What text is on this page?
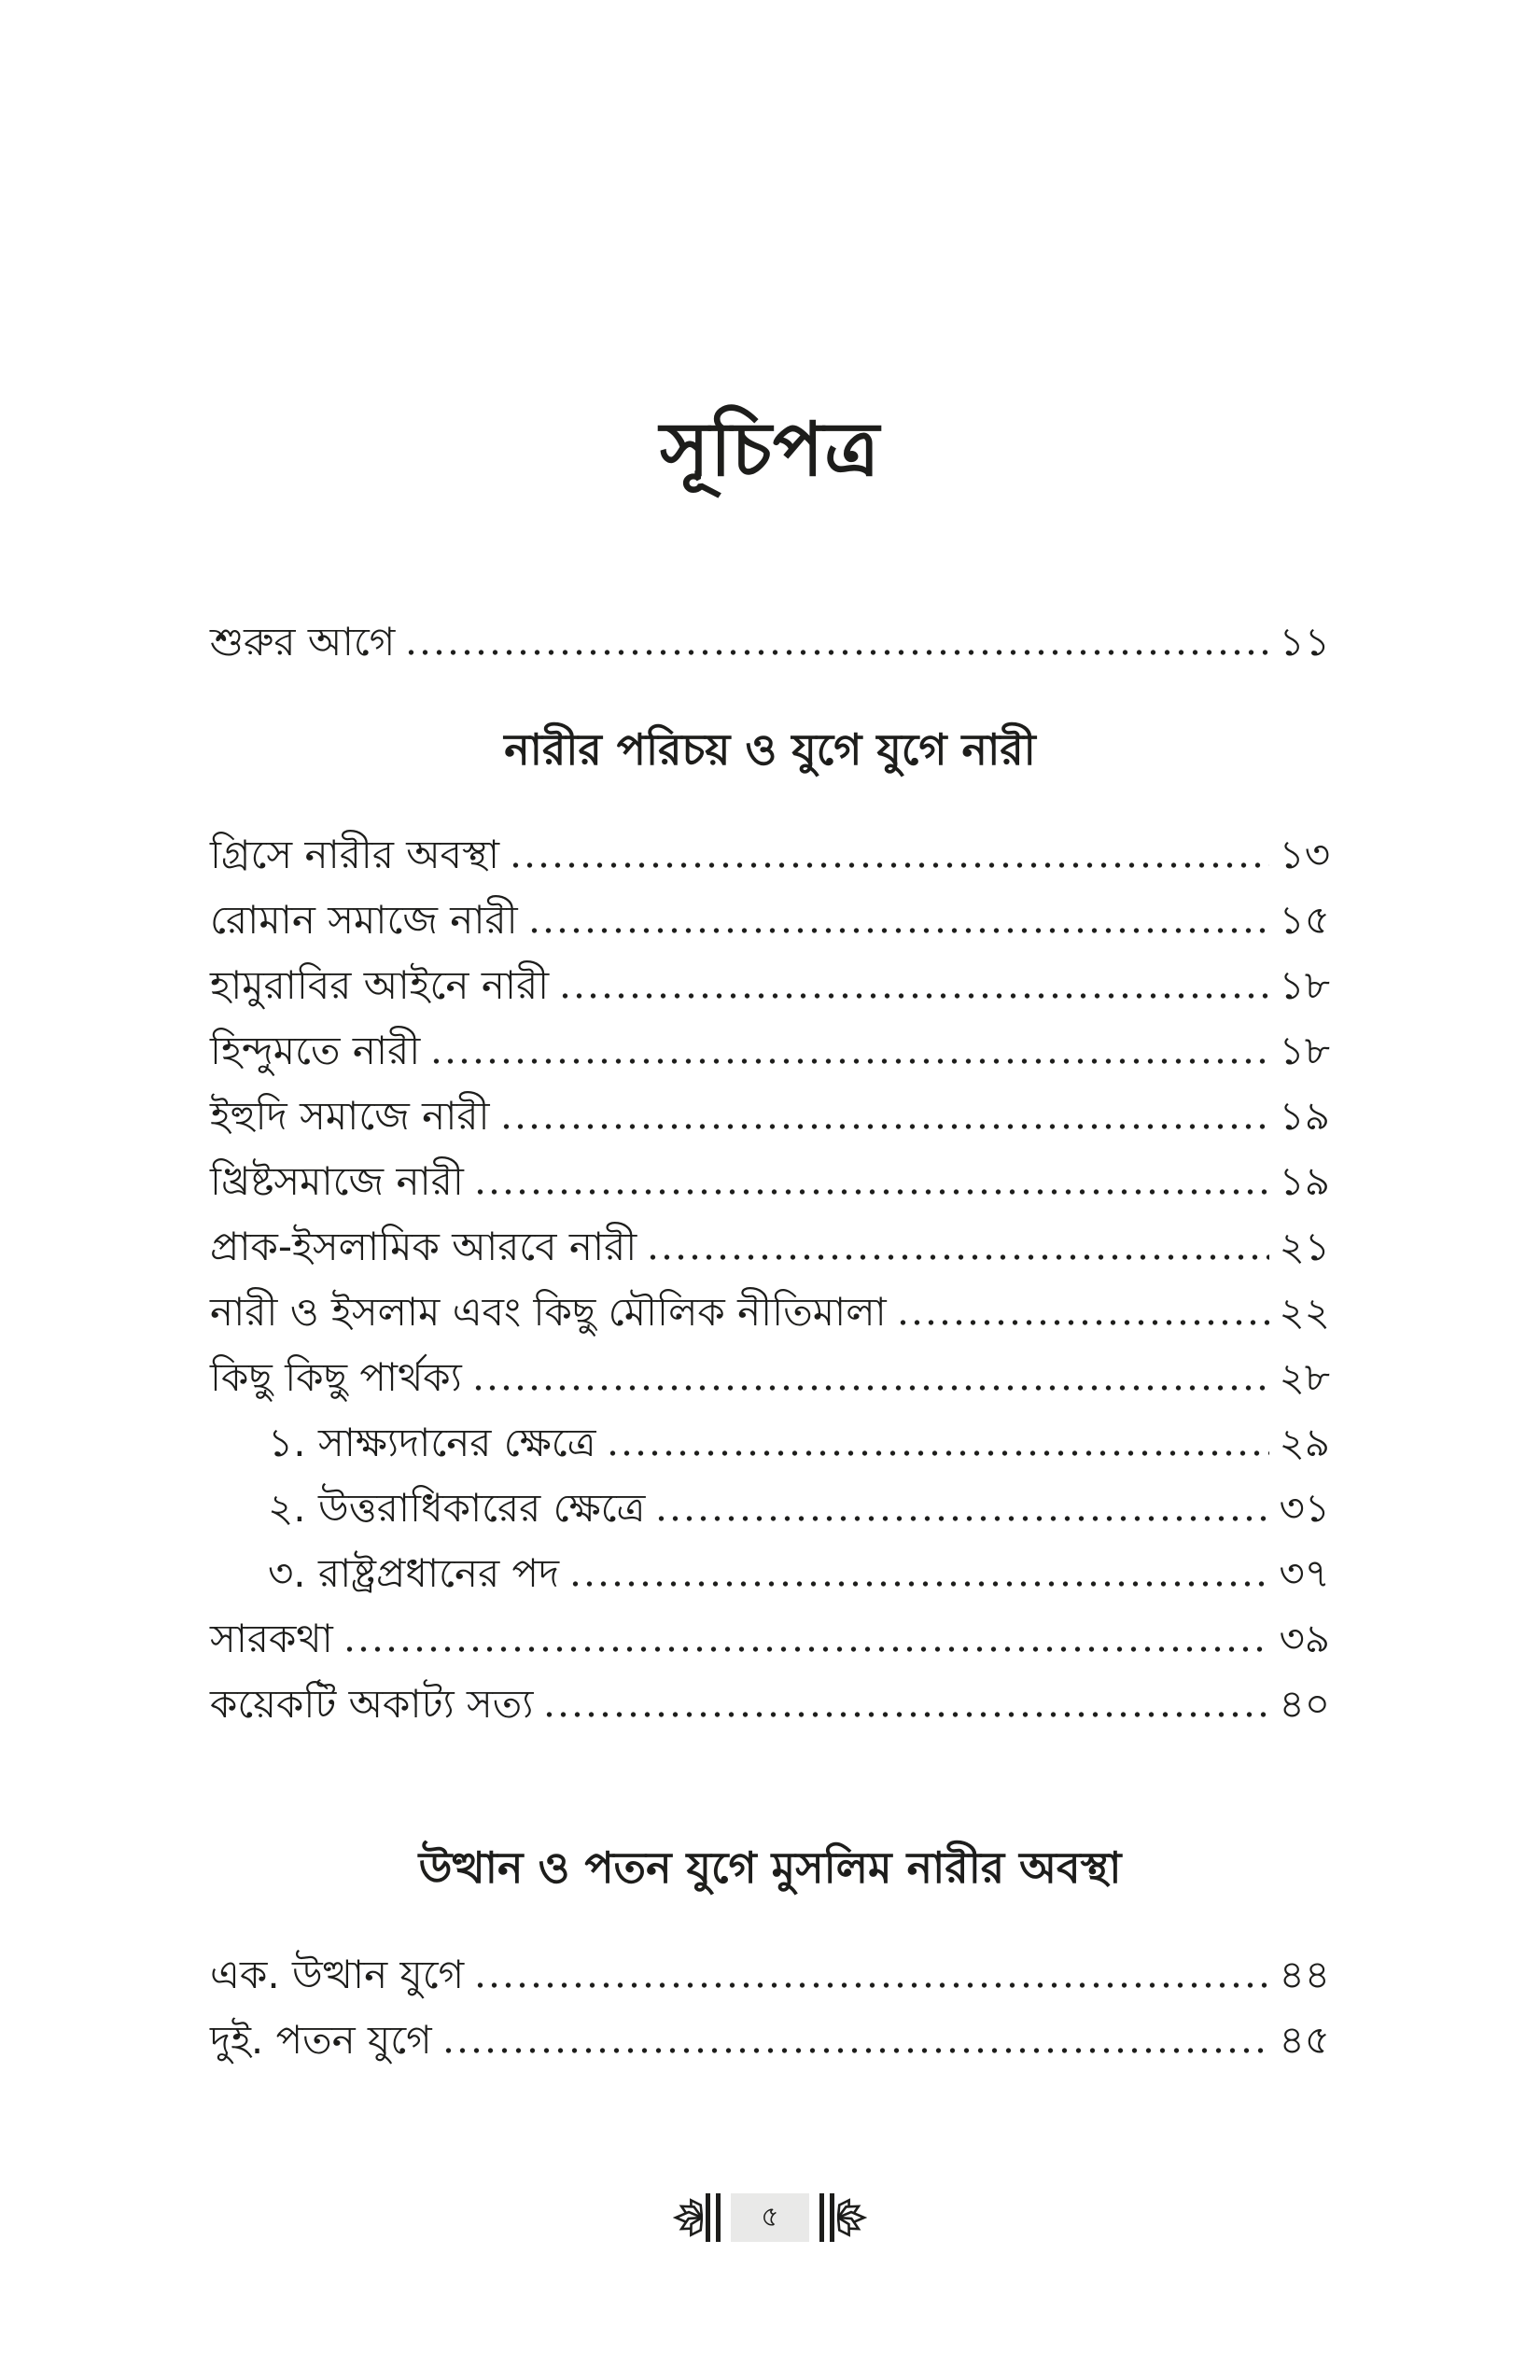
সূচিপত্র
শুরুর আগে	১১
নারীর পরিচয় ও যুগে যুগে নারী
গ্রিসে নারীর অবস্থা	১৩
রোমান সমাজে নারী	১৫
হামুরাবির আইনে নারী	১৮
হিন্দুমতে নারী	১৮
ইহুদি সমাজে নারী	১৯
খ্রিষ্টসমাজে নারী	১৯
প্রাক-ইসলামিক আরবে নারী	২১
নারী ও ইসলাম এবং কিছু মৌলিক নীতিমালা	২২
কিছু কিছু পার্থক্য	২৮
১. সাক্ষ্যদানের ক্ষেত্রে	২৯
২. উত্তরাধিকারের ক্ষেত্রে	৩১
৩. রাষ্ট্রপ্রধানের পদ	৩৭
সারকথা	৩৯
কয়েকটি অকাট্য সত্য	৪০
উত্থান ও পতন যুগে মুসলিম নারীর অবস্থা
এক. উত্থান যুগে	৪৪
দুই. পতন যুগে	৪৫
৫
